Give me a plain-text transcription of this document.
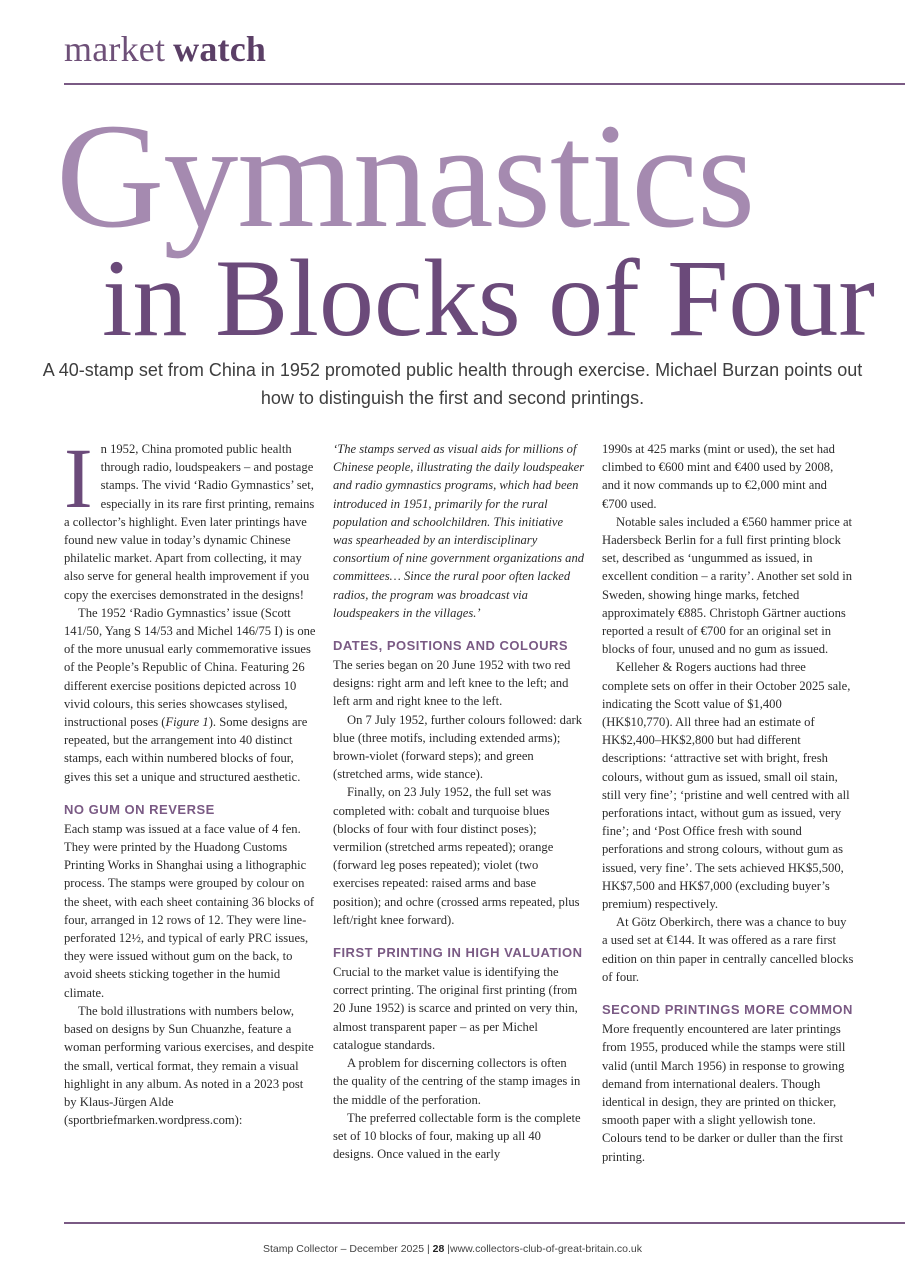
market watch
Gymnastics
in Blocks of Four
A 40-stamp set from China in 1952 promoted public health through exercise. Michael Burzan points out how to distinguish the first and second printings.

In 1952, China promoted public health through radio, loudspeakers – and postage stamps. The vivid ‘Radio Gymnastics’ set, especially in its rare first printing, remains a collector’s highlight. Even later printings have found new value in today’s dynamic Chinese philatelic market. Apart from collecting, it may also serve for general health improvement if you copy the exercises demonstrated in the designs!

The 1952 ‘Radio Gymnastics’ issue (Scott 141/50, Yang S 14/53 and Michel 146/75 I) is one of the more unusual early commemorative issues of the People’s Republic of China. Featuring 26 different exercise positions depicted across 10 vivid colours, this series showcases stylised, instructional poses (Figure 1). Some designs are repeated, but the arrangement into 40 distinct stamps, each within numbered blocks of four, gives this set a unique and structured aesthetic.

NO GUM ON REVERSE

Each stamp was issued at a face value of 4 fen. They were printed by the Huadong Customs Printing Works in Shanghai using a lithographic process. The stamps were grouped by colour on the sheet, with each sheet containing 36 blocks of four, arranged in 12 rows of 12. They were line-perforated 12½, and typical of early PRC issues, they were issued without gum on the back, to avoid sheets sticking together in the humid climate.

The bold illustrations with numbers below, based on designs by Sun Chuanzhe, feature a woman performing various exercises, and despite the small, vertical format, they remain a visual highlight in any album. As noted in a 2023 post by Klaus-Jürgen Alde (sportbriefmarken.wordpress.com):

‘The stamps served as visual aids for millions of Chinese people, illustrating the daily loudspeaker and radio gymnastics programs, which had been introduced in 1951, primarily for the rural population and schoolchildren. This initiative was spearheaded by an interdisciplinary consortium of nine government organizations and committees… Since the rural poor often lacked radios, the program was broadcast via loudspeakers in the villages.’

DATES, POSITIONS AND COLOURS

The series began on 20 June 1952 with two red designs: right arm and left knee to the left; and left arm and right knee to the left.

On 7 July 1952, further colours followed: dark blue (three motifs, including extended arms); brown-violet (forward steps); and green (stretched arms, wide stance).

Finally, on 23 July 1952, the full set was completed with: cobalt and turquoise blues (blocks of four with four distinct poses); vermilion (stretched arms repeated); orange (forward leg poses repeated); violet (two exercises repeated: raised arms and base position); and ochre (crossed arms repeated, plus left/right knee forward).

FIRST PRINTING IN HIGH VALUATION

Crucial to the market value is identifying the correct printing. The original first printing (from 20 June 1952) is scarce and printed on very thin, almost transparent paper – as per Michel catalogue standards.

A problem for discerning collectors is often the quality of the centring of the stamp images in the middle of the perforation.

The preferred collectable form is the complete set of 10 blocks of four, making up all 40 designs. Once valued in the early

1990s at 425 marks (mint or used), the set had climbed to €600 mint and €400 used by 2008, and it now commands up to €2,000 mint and €700 used.

Notable sales included a €560 hammer price at Hadersbeck Berlin for a full first printing block set, described as ‘ungummed as issued, in excellent condition – a rarity’. Another set sold in Sweden, showing hinge marks, fetched approximately €885. Christoph Gärtner auctions reported a result of €700 for an original set in blocks of four, unused and no gum as issued.

Kelleher & Rogers auctions had three complete sets on offer in their October 2025 sale, indicating the Scott value of $1,400 (HK$10,770). All three had an estimate of HK$2,400–HK$2,800 but had different descriptions: ‘attractive set with bright, fresh colours, without gum as issued, small oil stain, still very fine’; ‘pristine and well centred with all perforations intact, without gum as issued, very fine’; and ‘Post Office fresh with sound perforations and strong colours, without gum as issued, very fine’. The sets achieved HK$5,500, HK$7,500 and HK$7,000 (excluding buyer’s premium) respectively.

At Götz Oberkirch, there was a chance to buy a used set at €144. It was offered as a rare first edition on thin paper in centrally cancelled blocks of four.

SECOND PRINTINGS MORE COMMON

More frequently encountered are later printings from 1955, produced while the stamps were still valid (until March 1956) in response to growing demand from international dealers. Though identical in design, they are printed on thicker, smooth paper with a slight yellowish tone. Colours tend to be darker or duller than the first printing.

Stamp Collector – December 2025 | 28 |www.collectors-club-of-great-britain.co.uk
